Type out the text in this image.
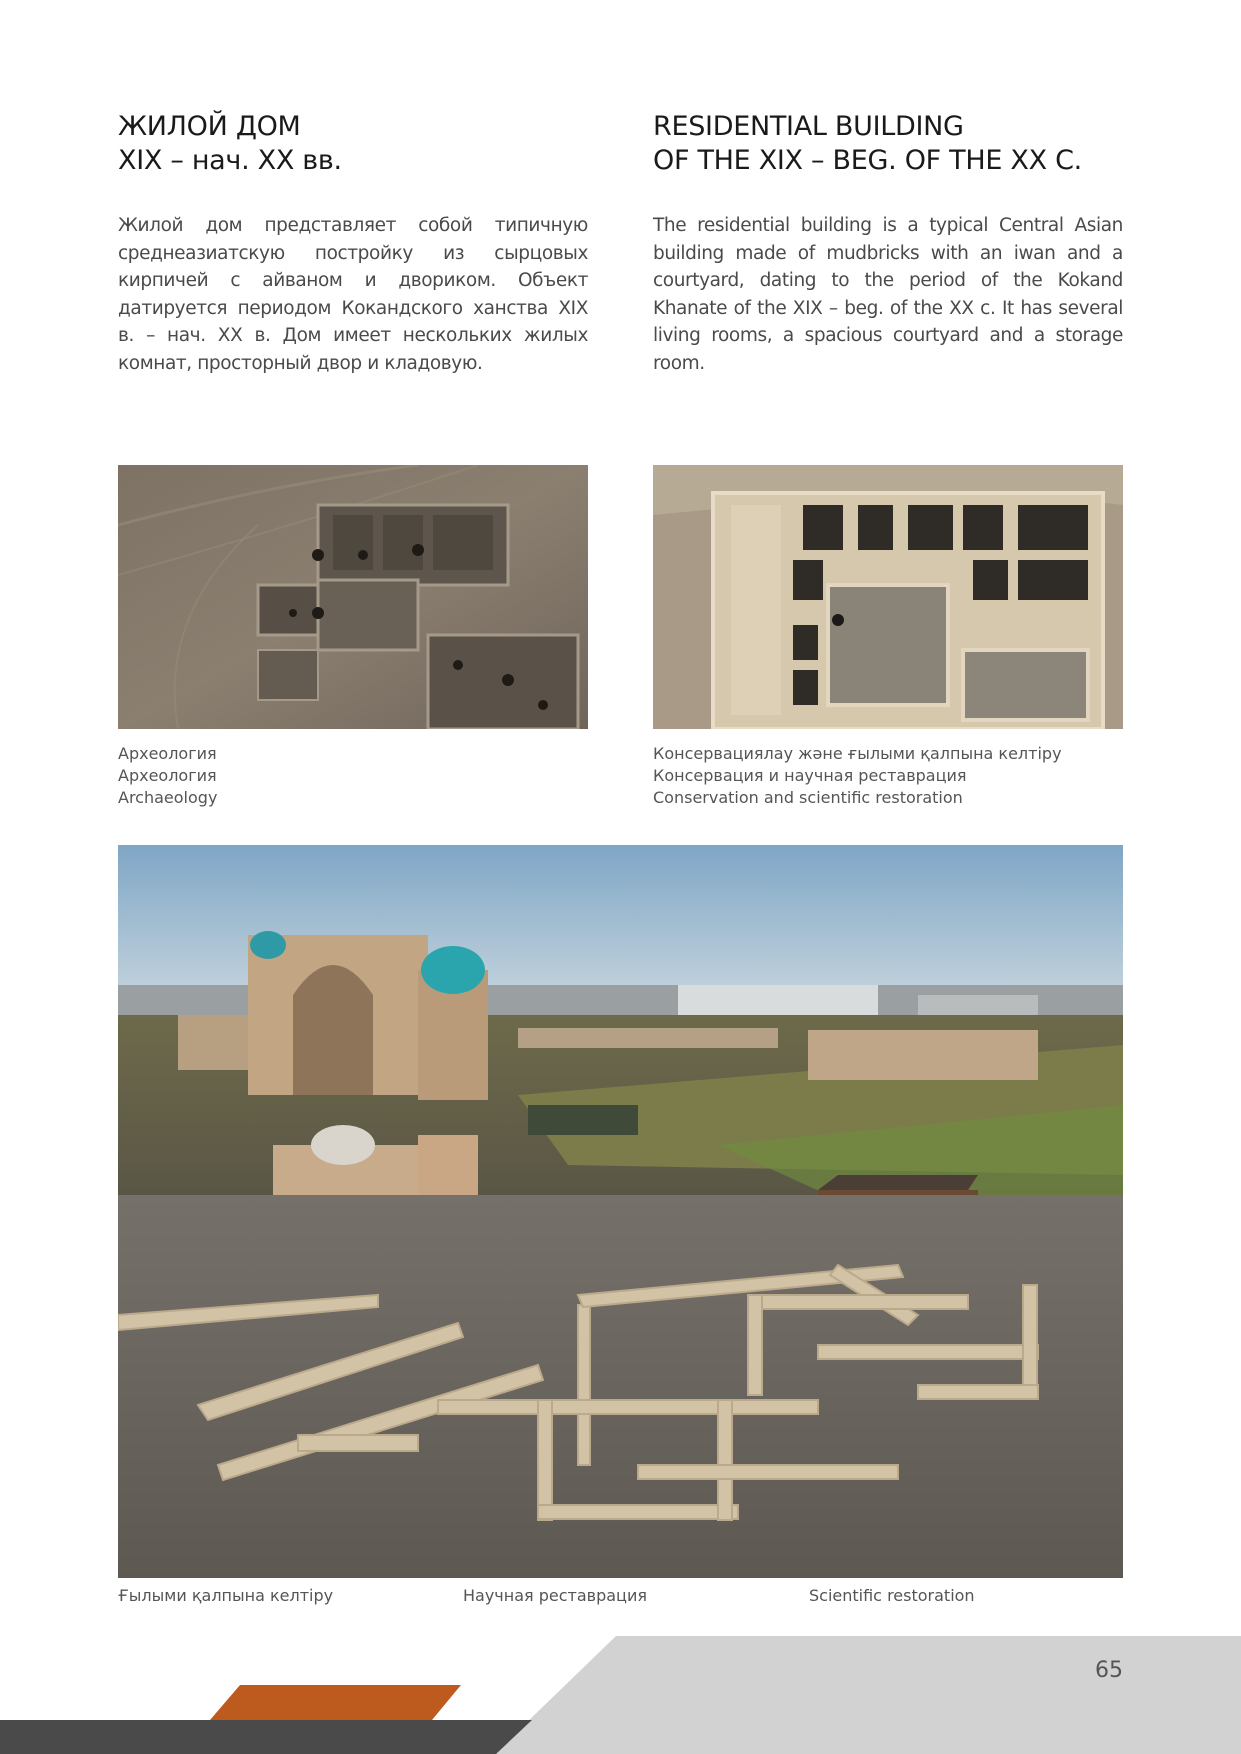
ЖИЛОЙ ДОМ
XIX – нач. XX вв.
RESIDENTIAL BUILDING
OF THE XIX – BEG. OF THE XX C.

Жилой дом представляет собой типичную среднеазиатскую постройку из сырцовых кирпичей с айваном и двориком. Объект датируется периодом Кокандского ханства XIX в. – нач. XX в. Дом имеет нескольких жилых комнат, просторный двор и кладовую.

The residential building is a typical Central Asian building made of mudbricks with an iwan and a courtyard, dating to the period of the Kokand Khanate of the XIX – beg. of the XX c. It has several living rooms, a spacious courtyard and a storage room.

Археология
Археология
Archaeology
Консервациялау және ғылыми қалпына келтіру
Консервация и научная реставрация
Conservation and scientific restoration
Ғылыми қалпына келтіру	Научная реставрация	Scientific restoration
65
